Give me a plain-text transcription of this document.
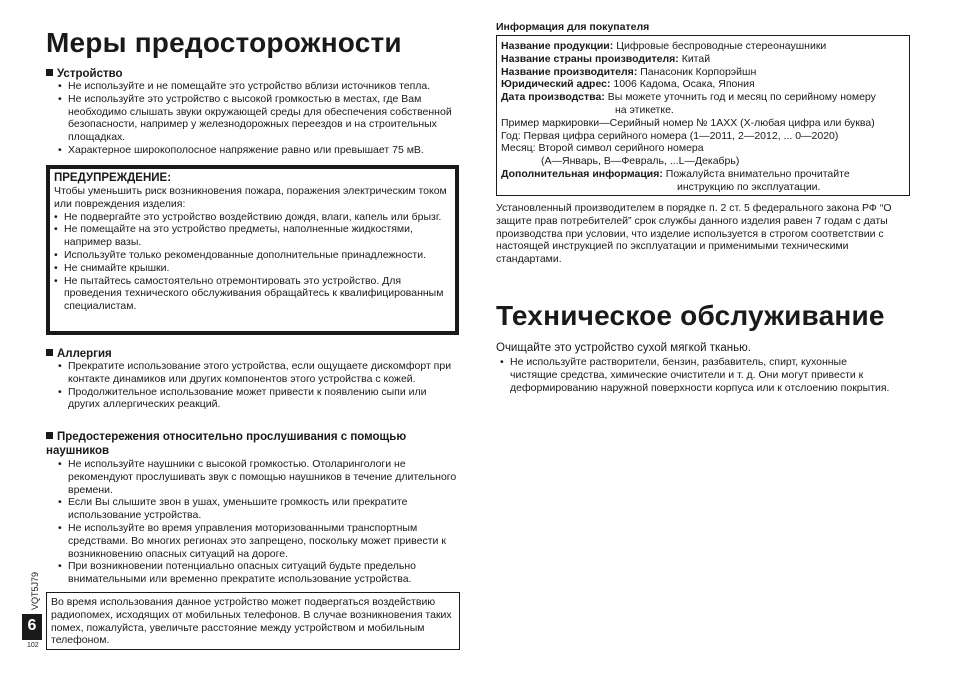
Меры предосторожности
Устройство
• Не используйте и не помещайте это устройство вблизи источников тепла.
• Не используйте это устройство с высокой громкостью в местах, где Вам необходимо слышать звуки окружающей среды для обеспечения собственной безопасности, например у железнодорожных переездов и на строительных площадках.
• Характерное широкополосное напряжение равно или превышает 75 мВ.
ПРЕДУПРЕЖДЕНИЕ:
Чтобы уменьшить риск возникновения пожара, поражения электрическим током или повреждения изделия:
• Не подвергайте это устройство воздействию дождя, влаги, капель или брызг.
• Не помещайте на это устройство предметы, наполненные жидкостями, например вазы.
• Используйте только рекомендованные дополнительные принадлежности.
• Не снимайте крышки.
• Не пытайтесь самостоятельно отремонтировать это устройство. Для проведения технического обслуживания обращайтесь к квалифицированным специалистам.
Аллергия
• Прекратите использование этого устройства, если ощущаете дискомфорт при контакте динамиков или других компонентов этого устройства с кожей.
• Продолжительное использование может привести к появлению сыпи или других аллергических реакций.
Предостережения относительно прослушивания с помощью наушников
• Не используйте наушники с высокой громкостью. Отоларингологи не рекомендуют прослушивать звук с помощью наушников в течение длительного времени.
• Если Вы слышите звон в ушах, уменьшите громкость или прекратите использование устройства.
• Не используйте во время управления моторизованными транспортным средствами. Во многих регионах это запрещено, поскольку может привести к возникновению опасных ситуаций на дороге.
• При возникновении потенциально опасных ситуаций будьте предельно внимательными или временно прекратите использование устройства.
Во время использования данное устройство может подвергаться воздействию радиопомех, исходящих от мобильных телефонов. В случае возникновения таких помех, пожалуйста, увеличьте расстояние между устройством и мобильным телефоном.
VQT5J79
6
102
Информация для покупателя
Название продукции: Цифровые беспроводные стереонаушники
Название страны производителя: Китай
Название производителя: Панасоник Корпорэйшн
Юридический адрес: 1006 Кадома, Осака, Япония
Дата производства: Вы можете уточнить год и месяц по серийному номеру
на этикетке.
Пример маркировки—Серийный номер № 1AXX (X-любая цифра или буква)
Год: Первая цифра серийного номера (1—2011, 2—2012, ... 0—2020)
Месяц: Второй символ серийного номера
(A—Январь, B—Февраль, ...L—Декабрь)
Дополнительная информация: Пожалуйста внимательно прочитайте
инструкцию по эксплуатации.
Установленный производителем в порядке п. 2 ст. 5 федерального закона РФ “О защите прав потребителей” срок службы данного изделия равен 7 годам с даты производства при условии, что изделие используется в строгом соответствии с настоящей инструкцией по эксплуатации и применимыми техническими стандартами.
Техническое обслуживание
Очищайте это устройство сухой мягкой тканью.
• Не используйте растворители, бензин, разбавитель, спирт, кухонные чистящие средства, химические очистители и т. д. Они могут привести к деформированию наружной поверхности корпуса или к отслоению покрытия.
